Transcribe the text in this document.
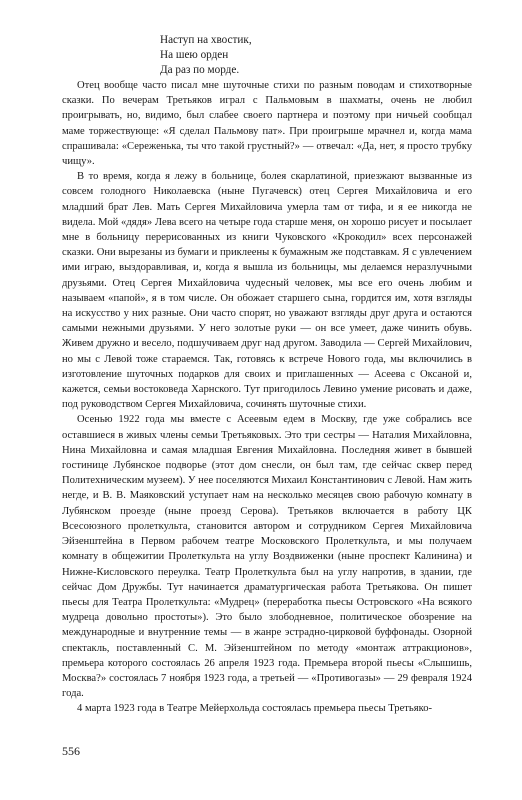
Наступ на хвостик,
На шею орден
Да раз по морде.

Отец вообще часто писал мне шуточные стихи по разным поводам и стихотворные сказки. По вечерам Третьяков играл с Пальмовым в шахматы, очень не любил проигрывать, но, видимо, был слабее своего партнера и поэтому при ничьей сообщал маме торжествующе: «Я сделал Пальмову пат». При проигрыше мрачнел и, когда мама спрашивала: «Сереженька, ты что такой грустный?» — отвечал: «Да, нет, я просто трубку чищу».

В то время, когда я лежу в больнице, болея скарлатиной, приезжают вызванные из совсем голодного Николаевска (ныне Пугачевск) отец Сергея Михайловича и его младший брат Лев. Мать Сергея Михайловича умерла там от тифа, и я ее никогда не видела. Мой «дядя» Лева всего на четыре года старше меня, он хорошо рисует и посылает мне в больницу перерисованных из книги Чуковского «Крокодил» всех персонажей сказки. Они вырезаны из бумаги и приклеены к бумажным же подставкам. Я с увлечением ими играю, выздоравливая, и, когда я вышла из больницы, мы делаемся неразлучными друзьями. Отец Сергея Михайловича чудесный человек, мы все его очень любим и называем «папой», я в том числе. Он обожает старшего сына, гордится им, хотя взгляды на искусство у них разные. Они часто спорят, но уважают взгляды друг друга и остаются самыми нежными друзьями. У него золотые руки — он все умеет, даже чинить обувь. Живем дружно и весело, подшучиваем друг над другом. Заводила — Сергей Михайлович, но мы с Левой тоже стараемся. Так, готовясь к встрече Нового года, мы включились в изготовление шуточных подарков для своих и приглашенных — Асеева с Оксаной и, кажется, семьи востоковеда Харнского. Тут пригодилось Левино умение рисовать и даже, под руководством Сергея Михайловича, сочинять шуточные стихи.

Осенью 1922 года мы вместе с Асеевым едем в Москву, где уже собрались все оставшиеся в живых члены семьи Третьяковых. Это три сестры — Наталия Михайловна, Нина Михайловна и самая младшая Евгения Михайловна. Последняя живет в бывшей гостинице Лубянское подворье (этот дом снесли, он был там, где сейчас сквер перед Политехническим музеем). У нее поселяются Михаил Константинович с Левой. Нам жить негде, и В. В. Маяковский уступает нам на несколько месяцев свою рабочую комнату в Лубянском проезде (ныне проезд Серова). Третьяков включается в работу ЦК Всесоюзного пролеткульта, становится автором и сотрудником Сергея Михайловича Эйзенштейна в Первом рабочем театре Московского Пролеткульта, и мы получаем комнату в общежитии Пролеткульта на углу Воздвиженки (ныне проспект Калинина) и Нижне-Кисловского переулка. Театр Пролеткульта был на углу напротив, в здании, где сейчас Дом Дружбы. Тут начинается драматургическая работа Третьякова. Он пишет пьесы для Театра Пролеткульта: «Мудрец» (переработка пьесы Островского «На всякого мудреца довольно простоты»). Это было злободневное, политическое обозрение на международные и внутренние темы — в жанре эстрадно-цирковой буффонады. Озорной спектакль, поставленный С. М. Эйзенштейном по методу «монтаж аттракционов», премьера которого состоялась 26 апреля 1923 года. Премьера второй пьесы «Слышишь, Москва?» состоялась 7 ноября 1923 года, а третьей — «Противогазы» — 29 февраля 1924 года.

4 марта 1923 года в Театре Мейерхольда состоялась премьера пьесы Третьяко-

556
